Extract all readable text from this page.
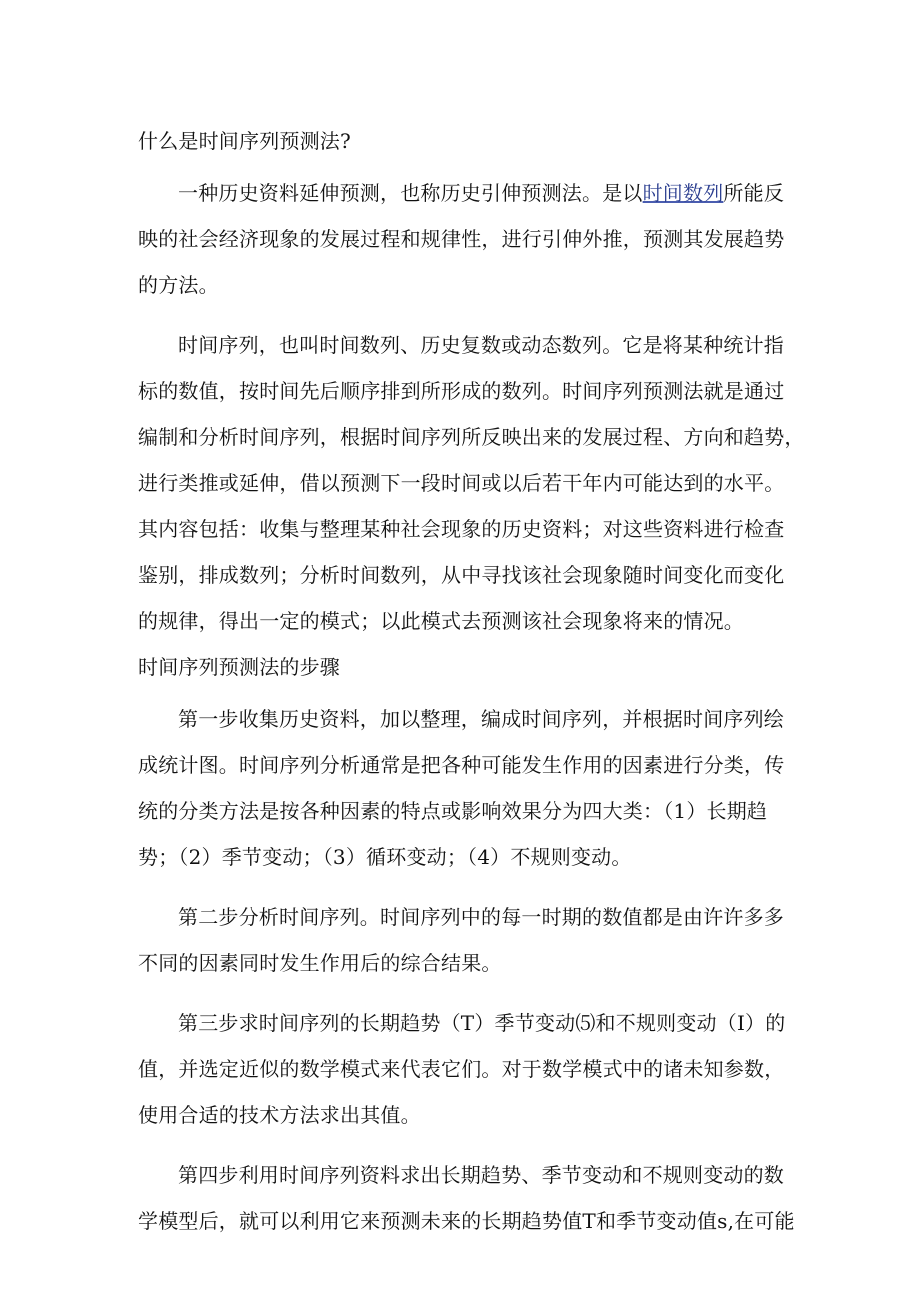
什么是时间序列预测法?
一种历史资料延伸预测，也称历史引伸预测法。是以时间数列所能反
映的社会经济现象的发展过程和规律性，进行引伸外推，预测其发展趋势
的方法。
时间序列，也叫时间数列、历史复数或动态数列。它是将某种统计指
标的数值，按时间先后顺序排到所形成的数列。时间序列预测法就是通过
编制和分析时间序列，根据时间序列所反映出来的发展过程、方向和趋势，
进行类推或延伸，借以预测下一段时间或以后若干年内可能达到的水平。
其内容包括：收集与整理某种社会现象的历史资料；对这些资料进行检查
鉴别，排成数列；分析时间数列，从中寻找该社会现象随时间变化而变化
的规律，得出一定的模式；以此模式去预测该社会现象将来的情况。
时间序列预测法的步骤
第一步收集历史资料，加以整理，编成时间序列，并根据时间序列绘
成统计图。时间序列分析通常是把各种可能发生作用的因素进行分类，传
统的分类方法是按各种因素的特点或影响效果分为四大类：（1）长期趋
势；（2）季节变动；（3）循环变动；（4）不规则变动。
第二步分析时间序列。时间序列中的每一时期的数值都是由许许多多
不同的因素同时发生作用后的综合结果。
第三步求时间序列的长期趋势（T）季节变动⑸和不规则变动（I）的
值，并选定近似的数学模式来代表它们。对于数学模式中的诸未知参数，
使用合适的技术方法求出其值。
第四步利用时间序列资料求出长期趋势、季节变动和不规则变动的数
学模型后，就可以利用它来预测未来的长期趋势值T和季节变动值s,在可能
